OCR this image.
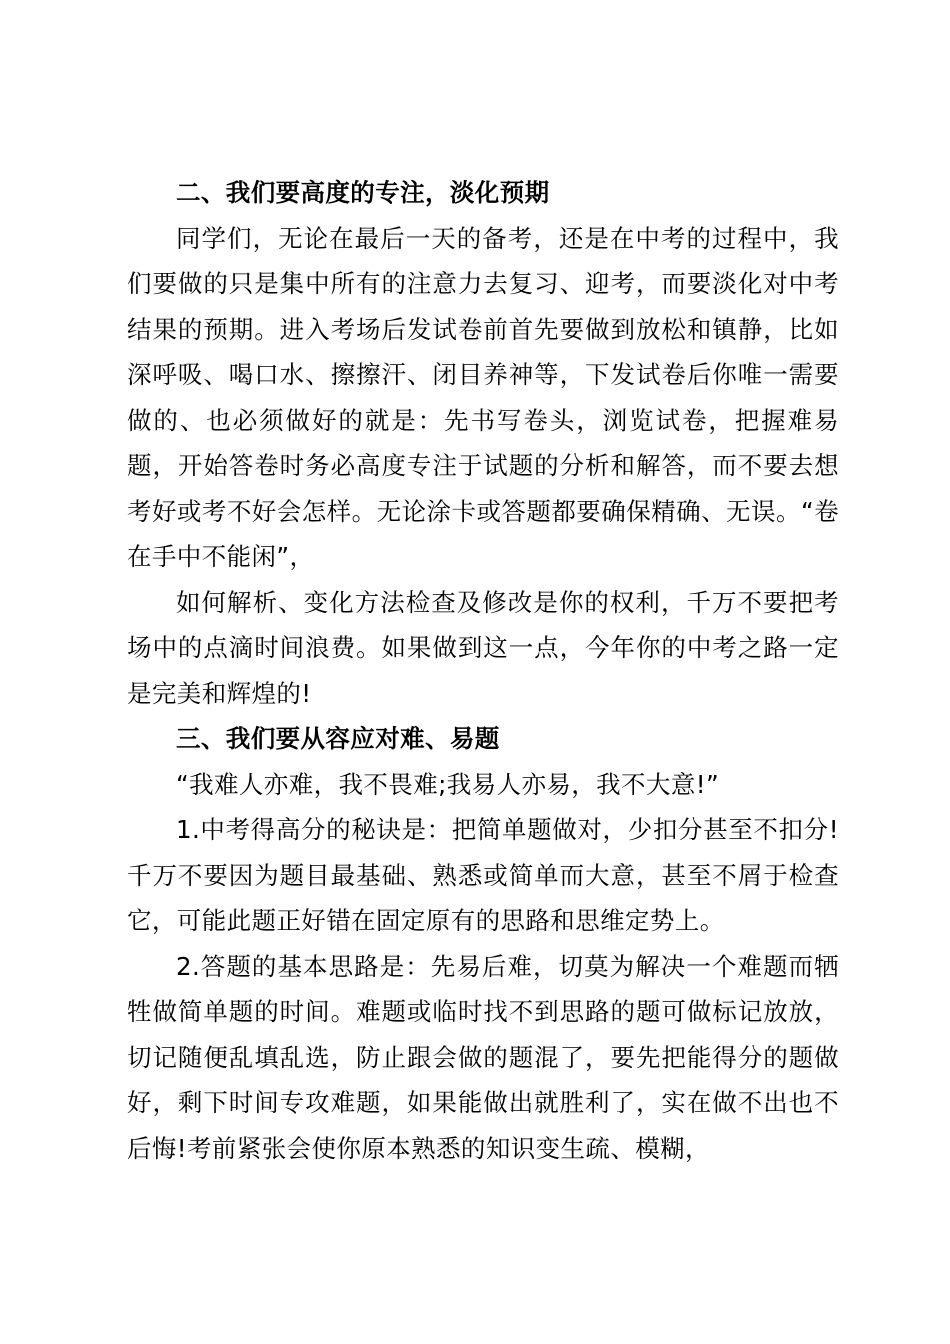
二、我们要高度的专注，淡化预期

同学们，无论在最后一天的备考，还是在中考的过程中，我们要做的只是集中所有的注意力去复习、迎考，而要淡化对中考结果的预期。进入考场后发试卷前首先要做到放松和镇静，比如深呼吸、喝口水、擦擦汗、闭目养神等，下发试卷后你唯一需要做的、也必须做好的就是：先书写卷头，浏览试卷，把握难易题，开始答卷时务必高度专注于试题的分析和解答，而不要去想考好或考不好会怎样。无论涂卡或答题都要确保精确、无误。“卷在手中不能闲”，

如何解析、变化方法检查及修改是你的权利，千万不要把考场中的点滴时间浪费。如果做到这一点，今年你的中考之路一定是完美和辉煌的!

三、我们要从容应对难、易题

“我难人亦难，我不畏难;我易人亦易，我不大意!”

1.中考得高分的秘诀是：把简单题做对，少扣分甚至不扣分!千万不要因为题目最基础、熟悉或简单而大意，甚至不屑于检查它，可能此题正好错在固定原有的思路和思维定势上。

2.答题的基本思路是：先易后难，切莫为解决一个难题而牺牲做简单题的时间。难题或临时找不到思路的题可做标记放放，切记随便乱填乱选，防止跟会做的题混了，要先把能得分的题做好，剩下时间专攻难题，如果能做出就胜利了，实在做不出也不后悔!考前紧张会使你原本熟悉的知识变生疏、模糊，
